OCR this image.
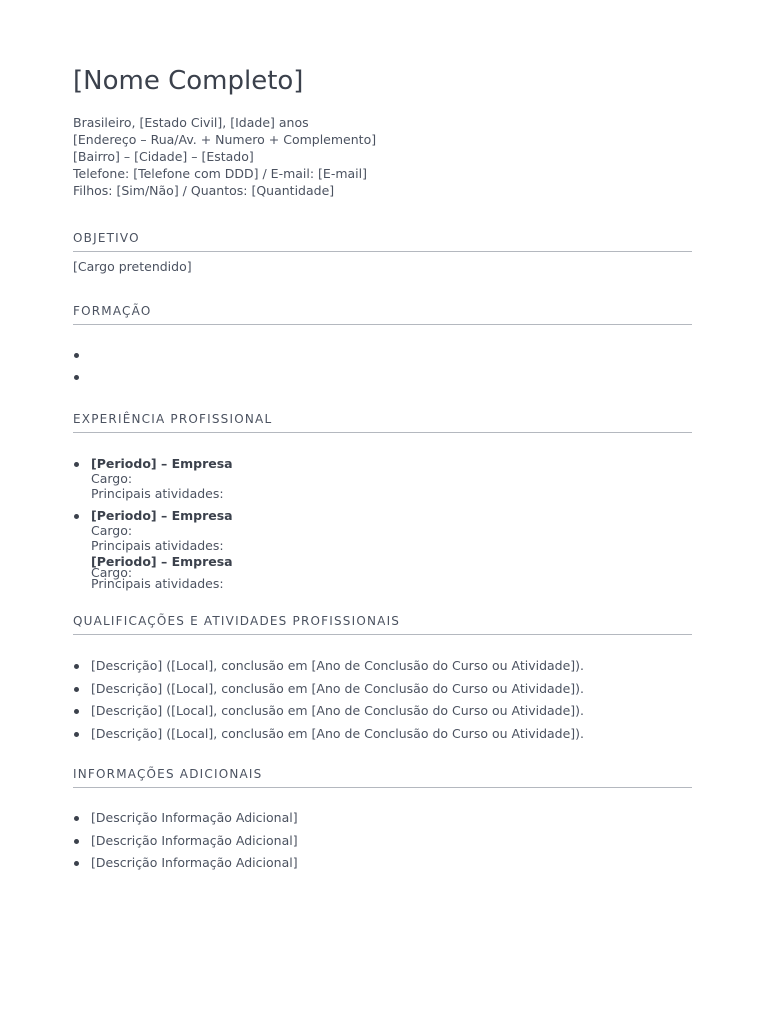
[Nome Completo]
Brasileiro, [Estado Civil], [Idade] anos
[Endereço – Rua/Av. + Numero + Complemento]
[Bairro] – [Cidade] – [Estado]
Telefone: [Telefone com DDD] / E-mail: [E-mail]
Filhos: [Sim/Não] / Quantos: [Quantidade]
OBJETIVO
[Cargo pretendido]
FORMAÇÃO
EXPERIÊNCIA PROFISSIONAL
[Periodo] – Empresa
Cargo:
Principais atividades:
[Periodo] – Empresa
Cargo:
Principais atividades:
[Periodo] – Empresa
Cargo:
Principais atividades:
QUALIFICAÇÕES E ATIVIDADES PROFISSIONAIS
[Descrição] ([Local], conclusão em [Ano de Conclusão do Curso ou Atividade]).
[Descrição] ([Local], conclusão em [Ano de Conclusão do Curso ou Atividade]).
[Descrição] ([Local], conclusão em [Ano de Conclusão do Curso ou Atividade]).
[Descrição] ([Local], conclusão em [Ano de Conclusão do Curso ou Atividade]).
INFORMAÇÕES ADICIONAIS
[Descrição Informação Adicional]
[Descrição Informação Adicional]
[Descrição Informação Adicional]
